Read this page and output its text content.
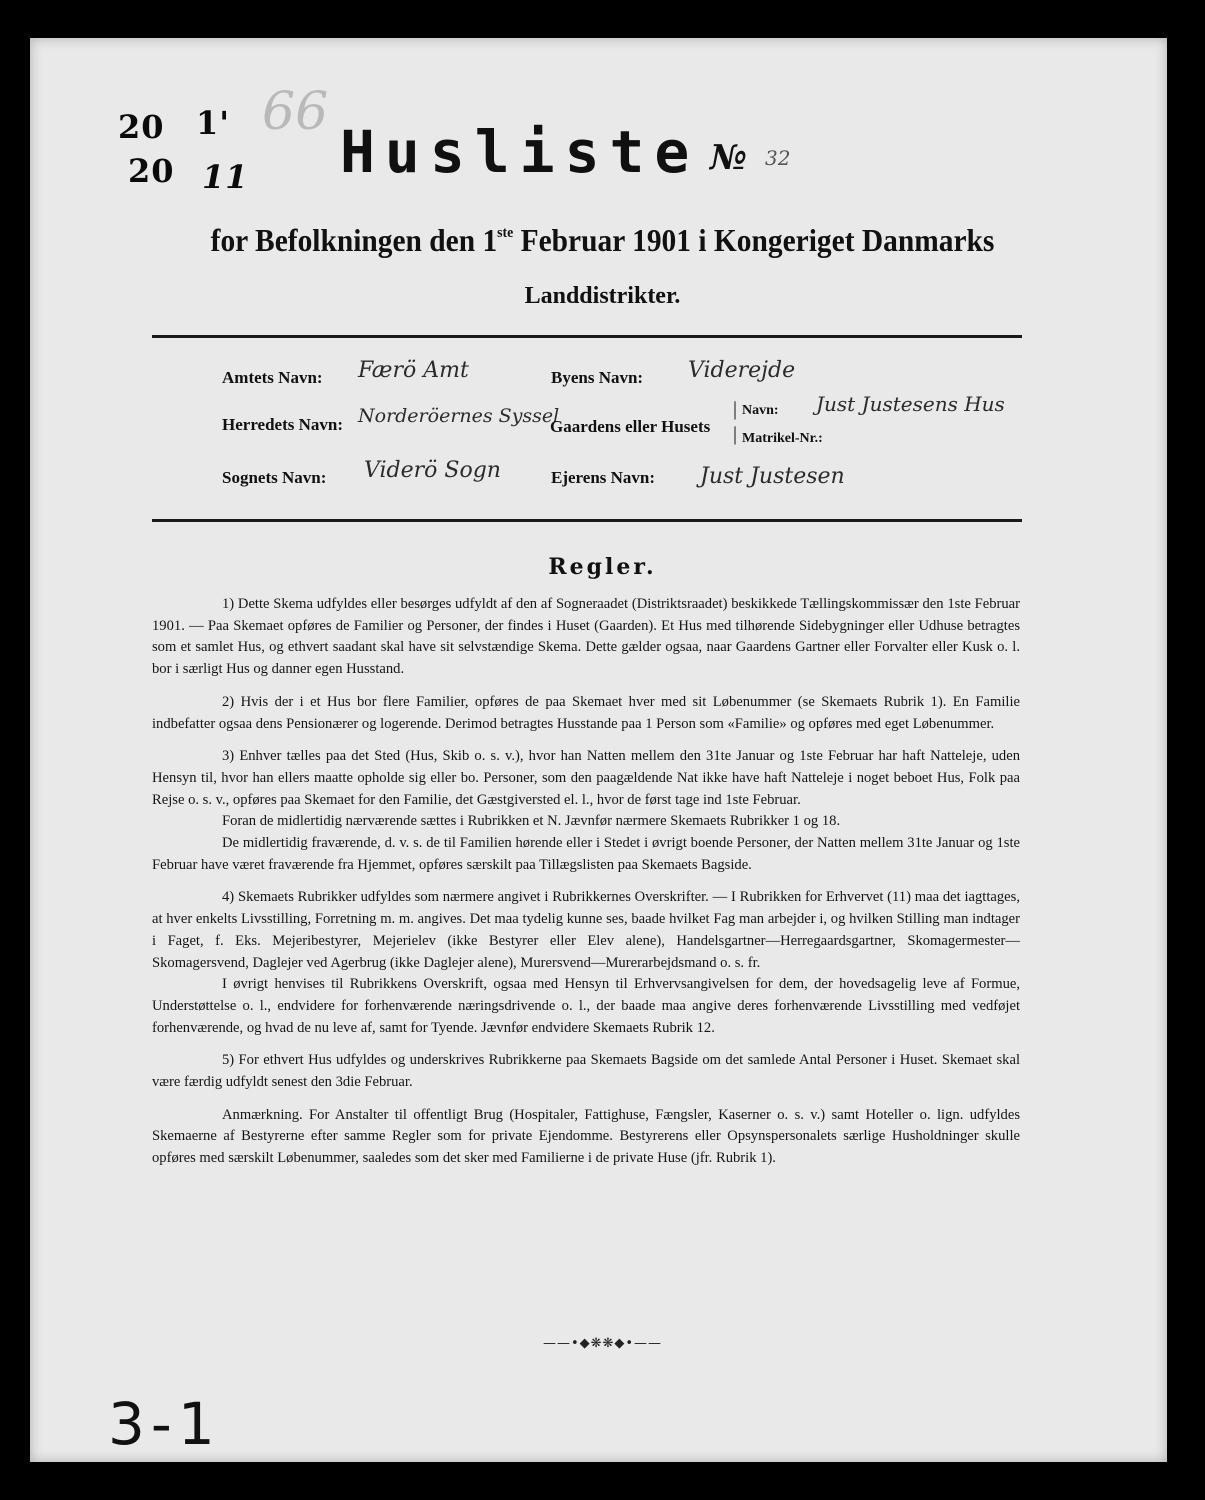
20 1'
20 11
66
Husliste № 32
for Befolkningen den 1ste Februar 1901 i Kongeriget Danmarks
Landdistrikter.
Amtets Navn: Færö Amt	Byens Navn: Viderejde
Herredets Navn: Norderöernes Syssel
Gaardens eller Husets
|
|
Navn: Just Justesens Hus
Matrikel-Nr.:
Sognets Navn: Viderö Sogn	Ejerens Navn: Just Justesen
Regler.

1) Dette Skema udfyldes eller besørges udfyldt af den af Sogneraadet (Distriktsraadet) beskikkede Tællingskommissær den 1ste Februar 1901. — Paa Skemaet opføres de Familier og Personer, der findes i Huset (Gaarden). Et Hus med tilhørende Sidebygninger eller Udhuse betragtes som et samlet Hus, og ethvert saadant skal have sit selvstændige Skema. Dette gælder ogsaa, naar Gaardens Gartner eller Forvalter eller Kusk o. l. bor i særligt Hus og danner egen Husstand.

2) Hvis der i et Hus bor flere Familier, opføres de paa Skemaet hver med sit Løbenummer (se Skemaets Rubrik 1). En Familie indbefatter ogsaa dens Pensionærer og logerende. Derimod betragtes Husstande paa 1 Person som «Familie» og opføres med eget Løbenummer.

3) Enhver tælles paa det Sted (Hus, Skib o. s. v.), hvor han Natten mellem den 31te Januar og 1ste Februar har haft Natteleje, uden Hensyn til, hvor han ellers maatte opholde sig eller bo. Personer, som den paagældende Nat ikke have haft Natteleje i noget beboet Hus, Folk paa Rejse o. s. v., opføres paa Skemaet for den Familie, det Gæstgiversted el. l., hvor de først tage ind 1ste Februar.

Foran de midlertidig nærværende sættes i Rubrikken et N. Jævnfør nærmere Skemaets Rubrikker 1 og 18.

De midlertidig fraværende, d. v. s. de til Familien hørende eller i Stedet i øvrigt boende Personer, der Natten mellem 31te Januar og 1ste Februar have været fraværende fra Hjemmet, opføres særskilt paa Tillægslisten paa Skemaets Bagside.

4) Skemaets Rubrikker udfyldes som nærmere angivet i Rubrikkernes Overskrifter. — I Rubrikken for Erhvervet (11) maa det iagttages, at hver enkelts Livsstilling, Forretning m. m. angives. Det maa tydelig kunne ses, baade hvilket Fag man arbejder i, og hvilken Stilling man indtager i Faget, f. Eks. Mejeribestyrer, Mejerielev (ikke Bestyrer eller Elev alene), Handelsgartner—Herregaardsgartner, Skomagermester—Skomagersvend, Daglejer ved Agerbrug (ikke Daglejer alene), Murersvend—Murerarbejdsmand o. s. fr.

I øvrigt henvises til Rubrikkens Overskrift, ogsaa med Hensyn til Erhvervsangivelsen for dem, der hovedsagelig leve af Formue, Understøttelse o. l., endvidere for forhenværende næringsdrivende o. l., der baade maa angive deres forhenværende Livsstilling med vedføjet forhenværende, og hvad de nu leve af, samt for Tyende. Jævnfør endvidere Skemaets Rubrik 12.

5) For ethvert Hus udfyldes og underskrives Rubrikkerne paa Skemaets Bagside om det samlede Antal Personer i Huset. Skemaet skal være færdig udfyldt senest den 3die Februar.

Anmærkning. For Anstalter til offentligt Brug (Hospitaler, Fattighuse, Fængsler, Kaserner o. s. v.) samt Hoteller o. lign. udfyldes Skemaerne af Bestyrerne efter samme Regler som for private Ejendomme. Bestyrerens eller Opsynspersonalets særlige Husholdninger skulle opføres med særskilt Løbenummer, saaledes som det sker med Familierne i de private Huse (jfr. Rubrik 1).

——•◆❋❋◆•——
3-1
